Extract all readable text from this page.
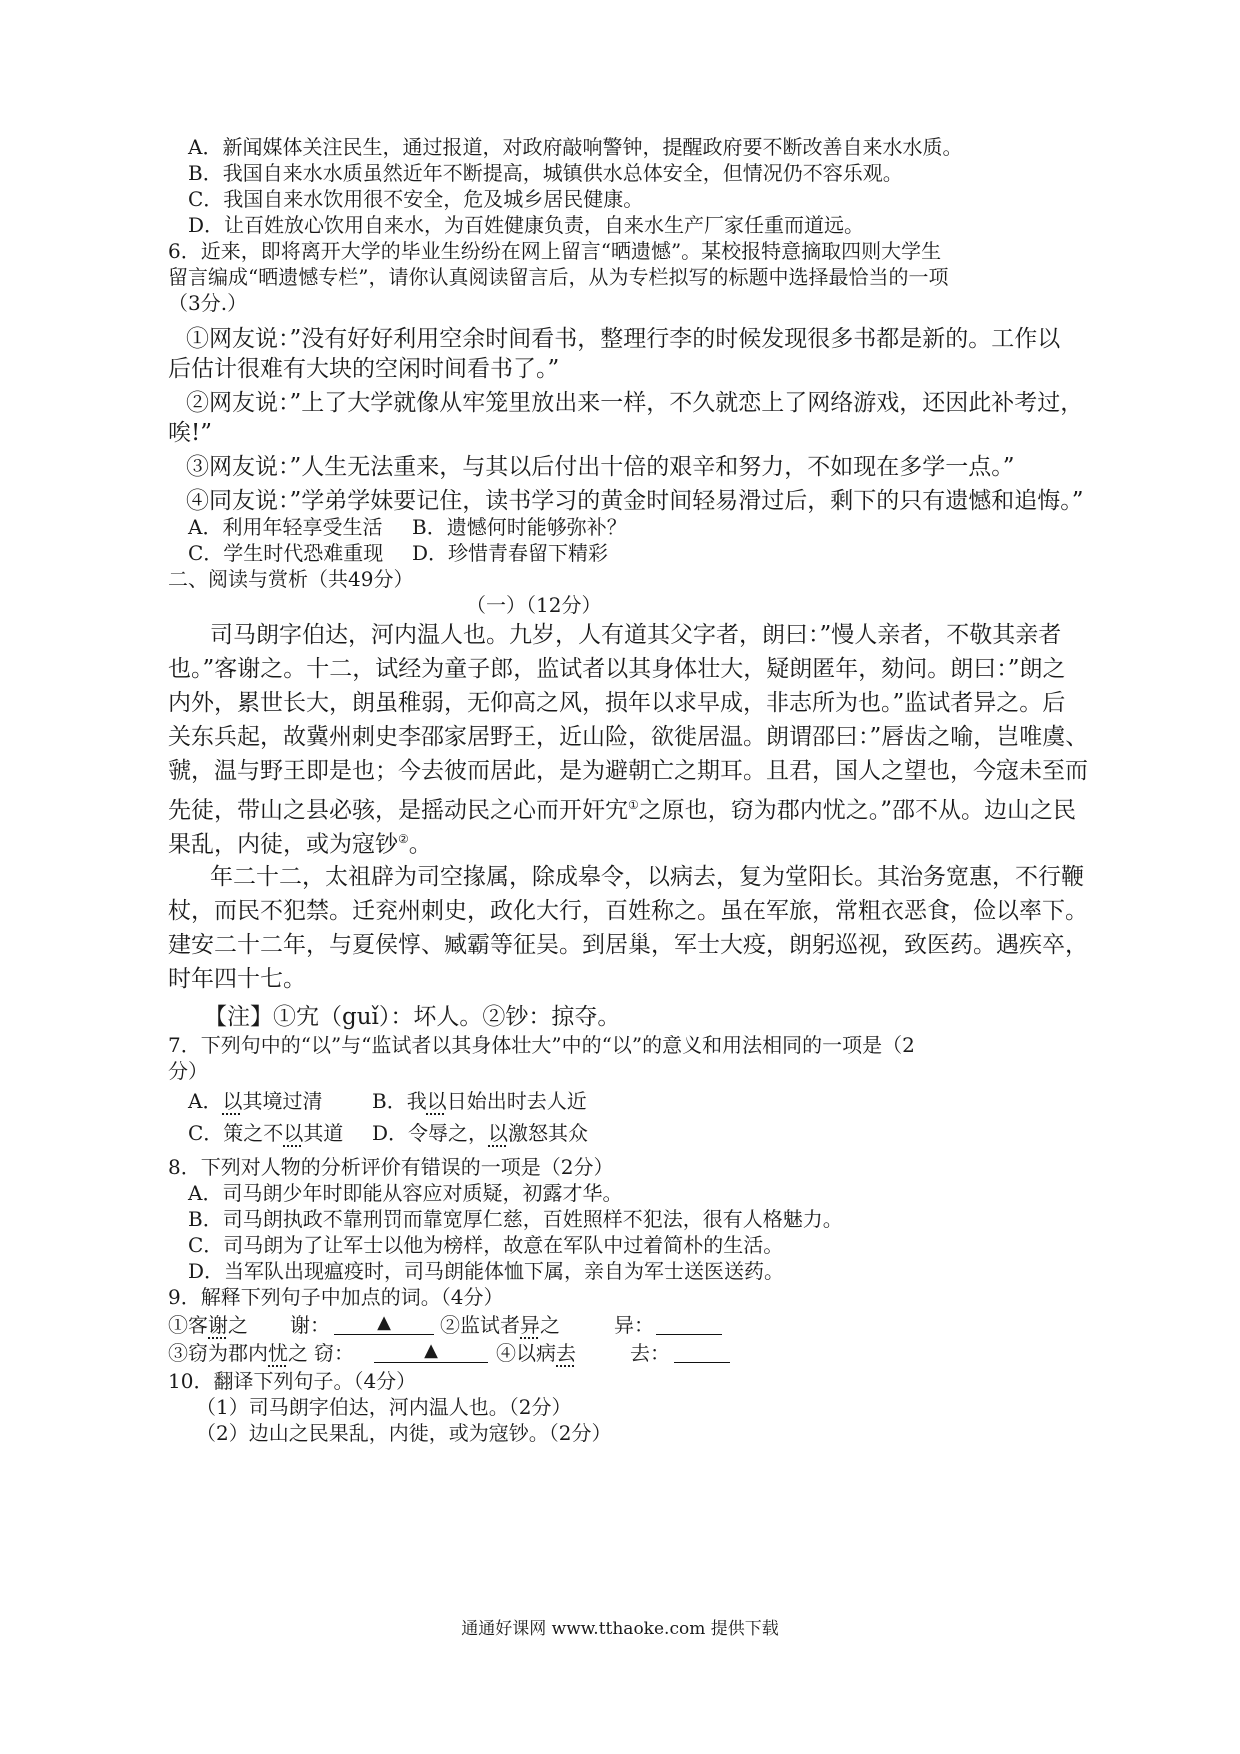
A．新闻媒体关注民生，通过报道，对政府敲响警钟，提醒政府要不断改善自来水水质。
B．我国自来水水质虽然近年不断提高，城镇供水总体安全，但情况仍不容乐观。
C．我国自来水饮用很不安全，危及城乡居民健康。
D．让百姓放心饮用自来水，为百姓健康负责，自来水生产厂家任重而道远。
6．近来，即将离开大学的毕业生纷纷在网上留言“晒遗憾”。某校报特意摘取四则大学生
留言编成“晒遗憾专栏”，请你认真阅读留言后，从为专栏拟写的标题中选择最恰当的一项
（3分.）
①网友说：”没有好好利用空余时间看书，整理行李的时候发现很多书都是新的。工作以
后估计很难有大块的空闲时间看书了。”
②网友说：”上了大学就像从牢笼里放出来一样，不久就恋上了网络游戏，还因此补考过，
唉!”
③网友说：”人生无法重来，与其以后付出十倍的艰辛和努力，不如现在多学一点。”
④同友说：”学弟学妹要记住，读书学习的黄金时间轻易滑过后，剩下的只有遗憾和追悔。”
A．利用年轻享受生活 B．遗憾何时能够弥补？
C．学生时代恐难重现 D．珍惜青春留下精彩
二、阅读与赏析（共49分）
（一）（12分）
司马朗字伯达，河内温人也。九岁，人有道其父字者，朗曰：”慢人亲者，不敬其亲者
也。”客谢之。十二，试经为童子郎，监试者以其身体壮大，疑朗匿年，劾问。朗曰：”朗之
内外，累世长大，朗虽稚弱，无仰高之风，损年以求早成，非志所为也。”监试者异之。后
关东兵起，故冀州刺史李邵家居野王，近山险，欲徙居温。朗谓邵曰：”唇齿之喻，岂唯虞、
虢，温与野王即是也；今去彼而居此，是为避朝亡之期耳。且君，国人之望也，今寇未至而
先徒，带山之县必骇，是摇动民之心而开奸宄①之原也，窃为郡内忧之。”邵不从。边山之民
果乱，内徒，或为寇钞②。
年二十二，太祖辟为司空掾属，除成皋令，以病去，复为堂阳长。其治务宽惠，不行鞭
杖，而民不犯禁。迁兖州刺史，政化大行，百姓称之。虽在军旅，常粗衣恶食，俭以率下。
建安二十二年，与夏侯惇、臧霸等征吴。到居巢，军士大疫，朗躬巡视，致医药。遇疾卒，
时年四十七。
【注】①宄（guǐ）：坏人。②钞：掠夺。
7．下列句中的“以”与“监试者以其身体壮大”中的“以”的意义和用法相同的一项是（2
分）
A．以其境过清 B．我以日始出时去人近
C．策之不以其道 D．令辱之，以激怒其众
8．下列对人物的分析评价有错误的一项是（2分）
A．司马朗少年时即能从容应对质疑，初露才华。
B．司马朗执政不靠刑罚而靠宽厚仁慈，百姓照样不犯法，很有人格魅力。
C．司马朗为了让军士以他为榜样，故意在军队中过着简朴的生活。
D．当军队出现瘟疫时，司马朗能体恤下属，亲自为军士送医送药。
9．解释下列句子中加点的词。（4分）
①客谢之 谢：	▲	②监试者异之	异：
③窃为郡内忧之 窃：	▲	④以病去	去：
10．翻译下列句子。（4分）
（1）司马朗字伯达，河内温人也。（2分）
（2）边山之民果乱，内徙，或为寇钞。（2分）
通通好课网 www.tthaoke.com 提供下载
